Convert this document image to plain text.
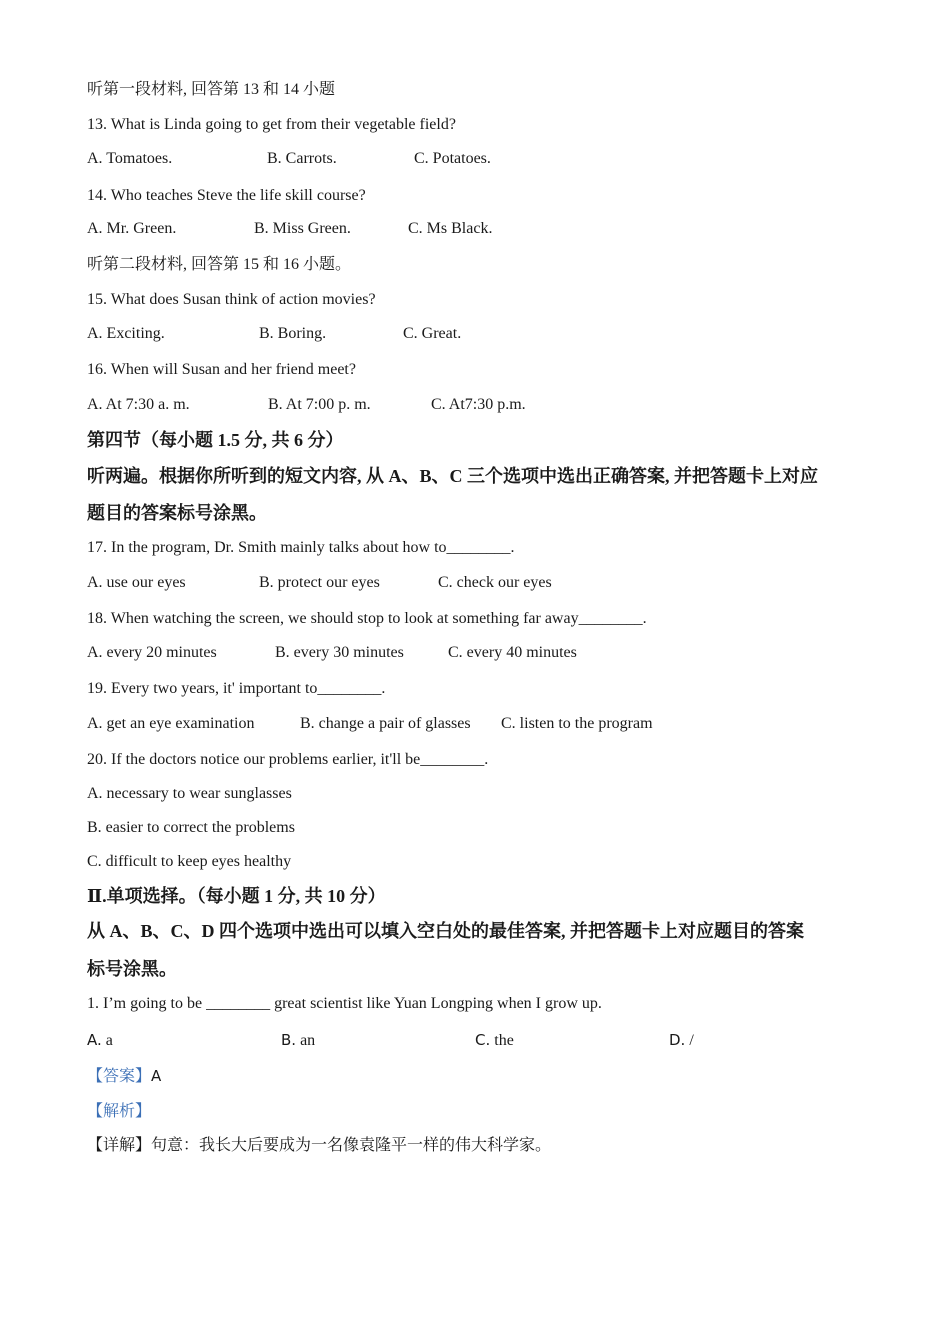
听第一段材料, 回答第 13 和 14 小题
13. What is Linda going to get from their vegetable field?
A. Tomatoes.	B. Carrots.	C. Potatoes.
14. Who teaches Steve the life skill course?
A. Mr. Green.	B. Miss Green.	C. Ms Black.
听第二段材料, 回答第 15 和 16 小题。
15. What does Susan think of action movies?
A. Exciting.	B. Boring.	C. Great.
16. When will Susan and her friend meet?
A. At 7:30 a. m.	B. At 7:00 p. m.	C. At7:30 p.m.
第四节（每小题 1.5 分, 共 6 分）
听两遍。根据你所听到的短文内容, 从 A、B、C 三个选项中选出正确答案, 并把答题卡上对应
题目的答案标号涂黑。
17. In the program, Dr. Smith mainly talks about how to________.
A. use our eyes	B. protect our eyes	C. check our eyes
18. When watching the screen, we should stop to look at something far away________.
A. every 20 minutes	B. every 30 minutes	C. every 40 minutes
19. Every two years, it' important to________.
A. get an eye examination	B. change a pair of glasses C. listen to the program
20. If the doctors notice our problems earlier, it'll be________.
A. necessary to wear sunglasses
B. easier to correct the problems
C. difficult to keep eyes healthy
Ⅱ.单项选择。（每小题 1 分, 共 10 分）
从 A、B、C、D 四个选项中选出可以填入空白处的最佳答案, 并把答题卡上对应题目的答案
标号涂黑。
1. I’m going to be ________ great scientist like Yuan Longping when I grow up.
A. a	B. an	C. the	D. /
【答案】A
【解析】
【详解】句意：我长大后要成为一名像袁隆平一样的伟大科学家。
